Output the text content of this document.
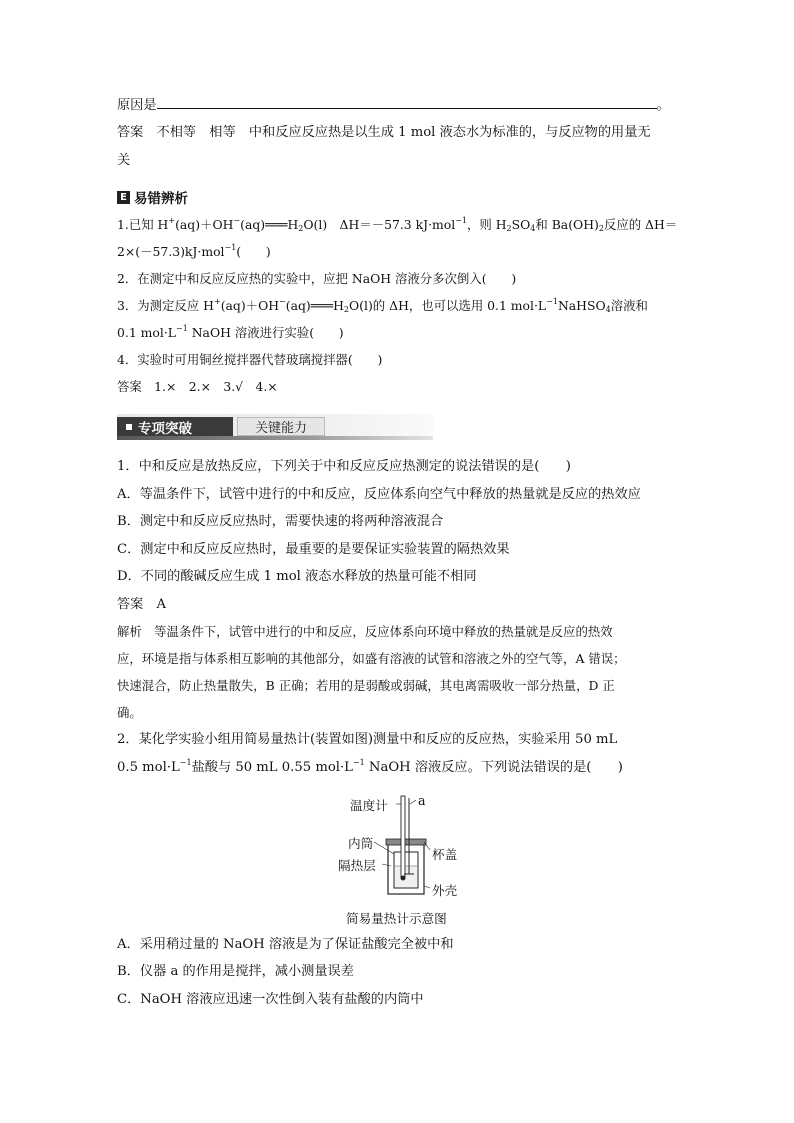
原因是	。
答案　不相等　相等　中和反应反应热是以生成 1 mol 液态水为标准的，与反应物的用量无
关
E 易错辨析
1.已知 $H^+(aq)+OH^-(aq)═══H_2O(l)$　ΔH＝－57.3 kJ·mol$^{-1}$，则 $H_2SO_4$和 $Ba(OH)_2$反应的 ΔH＝
2×(－57.3)kJ·mol$^{-1}$(　　)
2．在测定中和反应反应热的实验中，应把 NaOH 溶液分多次倒入(　　)
3．为测定反应 $H^+(aq)+OH^-(aq)═══H_2O(l)$的 ΔH，也可以选用 0.1 $mol\cdot L^{-1}NaHSO_4$溶液和
0.1 $mol\cdot L^{-1}$ NaOH 溶液进行实验(　　)
4．实验时可用铜丝搅拌器代替玻璃搅拌器(　　)
答案　1.×　2.×　3.√　4.×
专项突破	关键能力
1．中和反应是放热反应，下列关于中和反应反应热测定的说法错误的是(　　)
A．等温条件下，试管中进行的中和反应，反应体系向空气中释放的热量就是反应的热效应
B．测定中和反应反应热时，需要快速的将两种溶液混合
C．测定中和反应反应热时，最重要的是要保证实验装置的隔热效果
D．不同的酸碱反应生成 1 mol 液态水释放的热量可能不相同
答案　A
解析　等温条件下，试管中进行的中和反应，反应体系向环境中释放的热量就是反应的热效
应，环境是指与体系相互影响的其他部分，如盛有溶液的试管和溶液之外的空气等，A 错误；
快速混合，防止热量散失，B 正确；若用的是弱酸或弱碱，其电离需吸收一部分热量，D 正
确。
2．某化学实验小组用简易量热计(装置如图)测量中和反应的反应热，实验采用 50 mL
0.5 $mol\cdot L^{-1}$盐酸与 50 mL 0.55 $mol\cdot L^{-1}$ NaOH 溶液反应。下列说法错误的是(　　)
温度计 a
内筒
杯盖
隔热层
外壳
简易量热计示意图
A．采用稍过量的 NaOH 溶液是为了保证盐酸完全被中和
B．仪器 a 的作用是搅拌，减小测量误差
C．NaOH 溶液应迅速一次性倒入装有盐酸的内筒中
